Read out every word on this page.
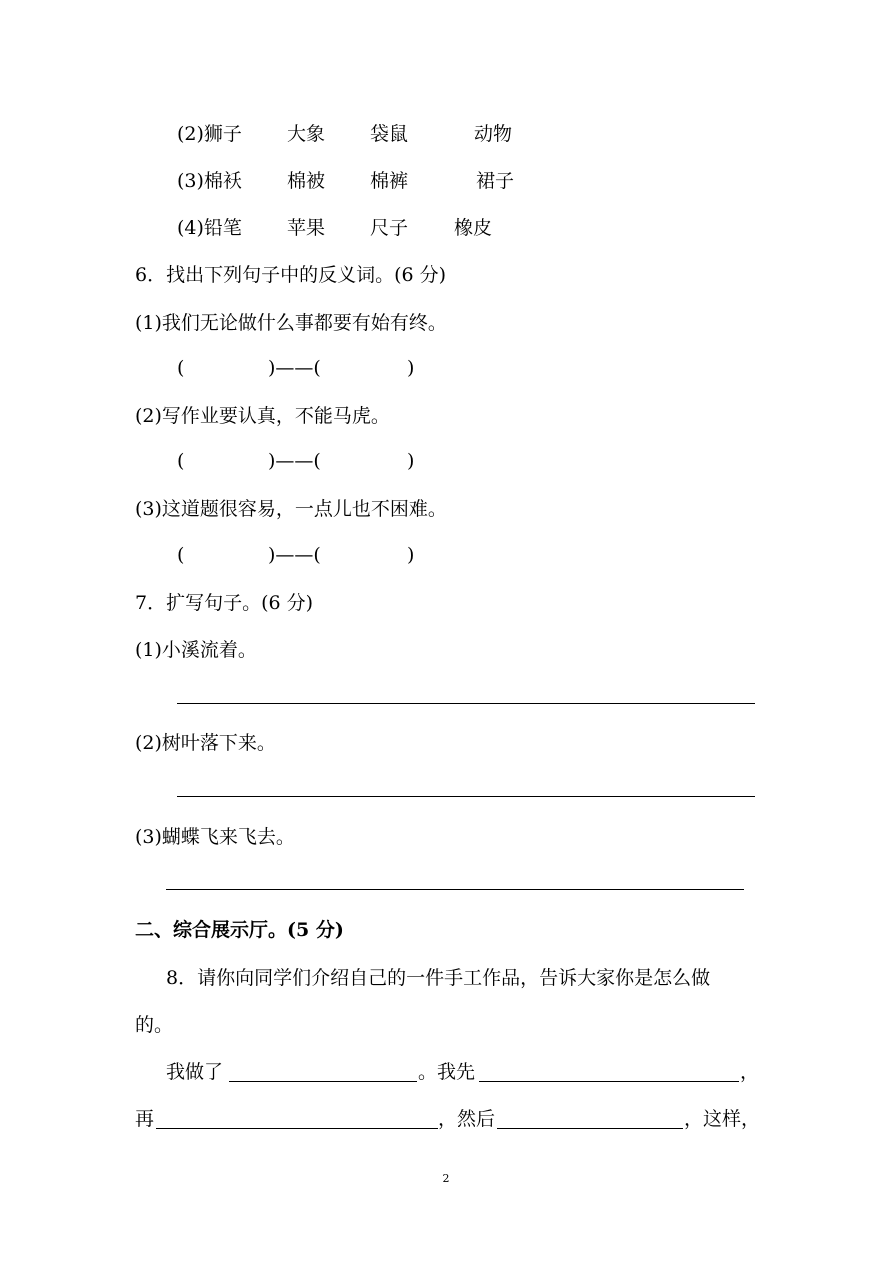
(2)狮子 大象 袋鼠	动物
(3)棉袄 棉被 棉裤	裙子
(4)铅笔 苹果 尺子 橡皮
6．找出下列句子中的反义词。(6 分)
(1)我们无论做什么事都要有始有终。
(	)——(	)
(2)写作业要认真，不能马虎。
(	)——(	)
(3)这道题很容易，一点儿也不困难。
(	)——(	)
7．扩写句子。(6 分)
(1)小溪流着。
(2)树叶落下来。
(3)蝴蝶飞来飞去。
二、综合展示厅。(5 分)
8．请你向同学们介绍自己的一件手工作品，告诉大家你是怎么做
的。
我做了	。我先	，
再	，然后	，这样，
2
